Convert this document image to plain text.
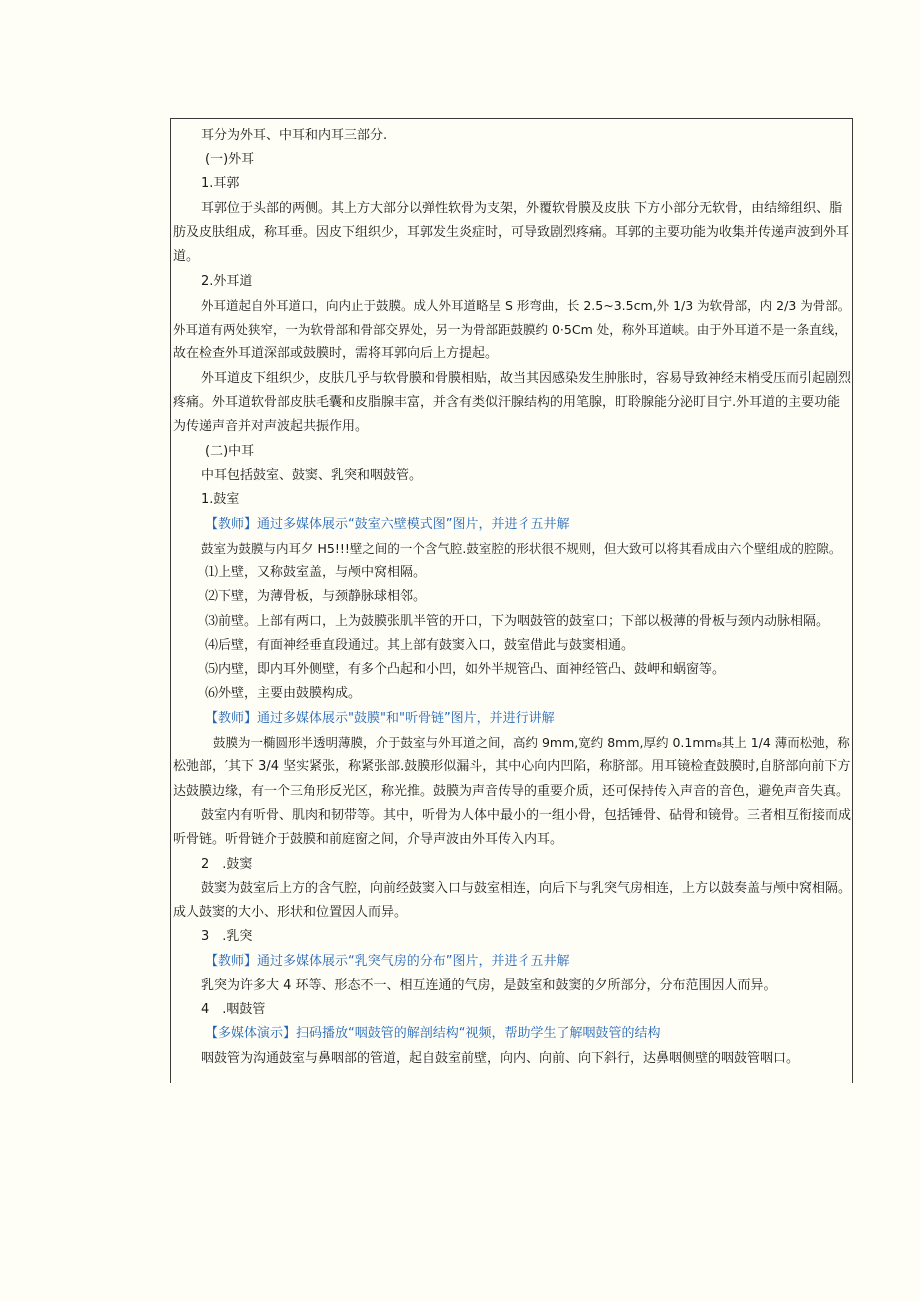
耳分为外耳、中耳和内耳三部分.
(一)外耳
1.耳郭
耳郭位于头部的两侧。其上方大部分以弹性软骨为支架，外覆软骨膜及皮肤 下方小部分无软骨，由结缔组织、脂
肪及皮肤组成，称耳垂。因皮下组织少，耳郭发生炎症时，可导致剧烈疼痛。耳郭的主要功能为收集并传递声波到外耳
道。
2.外耳道
外耳道起自外耳道口，向内止于鼓膜。成人外耳道略呈 S 形弯曲，长 2.5~3.5cm,外 1/3 为软骨部，内 2/3 为骨部。
外耳道有两处狭窄，一为软骨部和骨部交界处，另一为骨部距鼓膜约 0·5Cm 处，称外耳道峡。由于外耳道不是一条直线，
故在检查外耳道深部或鼓膜时，需将耳郭向后上方提起。
外耳道皮下组织少，皮肤几乎与软骨膜和骨膜相贴，故当其因感染发生肿胀时，容易导致神经末梢受压而引起剧烈
疼痛。外耳道软骨部皮肤毛囊和皮脂腺丰富，并含有类似汗腺结构的用笔腺，盯聆腺能分泌盯目宁.外耳道的主要功能
为传递声音并对声波起共振作用。
(二)中耳
中耳包括鼓室、鼓窦、乳突和咽鼓管。
1.鼓室
【教师】通过多媒体展示“鼓室六壁模式图”图片，并进彳五井解
鼓室为鼓膜与内耳夕 H5!!!壁之间的一个含气腔.鼓室腔的形状很不规则，但大致可以将其看成由六个壁组成的腔隙。
⑴上壁，又称鼓室盖，与颅中窝相隔。
⑵下壁，为薄骨板，与颈静脉球相邻。
⑶前壁。上部有两口，上为鼓膜张肌半管的开口，下为咽鼓管的鼓室口；下部以极薄的骨板与颈内动脉相隔。
⑷后壁，有面神经垂直段通过。其上部有鼓窦入口，鼓室借此与鼓窦相通。
⑸内壁，即内耳外侧壁，有多个凸起和小凹，如外半规管凸、面神经管凸、鼓岬和蜗窗等。
⑹外壁，主要由鼓膜构成。
【教师】通过多媒体展示"鼓膜"和"听骨链”图片，并进行讲解
鼓膜为一椭圆形半透明薄膜，介于鼓室与外耳道之间，高约 9mm,宽约 8mm,厚约 0.1mm₈其上 1/4 薄而松弛，称
松弛部，′其下 3/4 坚实紧张，称紧张部.鼓膜形似漏斗，其中心向内凹陷，称脐部。用耳镜检査鼓膜时,自脐部向前下方
达鼓膜边缘，有一个三角形反光区，称光推。鼓膜为声音传导的重要介质，还可保持传入声音的音色，避免声音失真。
鼓室内有听骨、肌肉和韧带等。其中，听骨为人体中最小的一组小骨，包括锤骨、砧骨和镜骨。三者相互衔接而成
听骨链。听骨链介于鼓膜和前庭窗之间，介导声波由外耳传入内耳。
2　.鼓窦
鼓窦为鼓室后上方的含气腔，向前经鼓窦入口与鼓室相连，向后下与乳突气房相连，上方以鼓奏盖与颅中窝相隔。
成人鼓窦的大小、形状和位置因人而异。
3　.乳突
【教师】通过多媒体展示“乳突气房的分布”图片，并进彳五井解
乳突为许多大 4 环等、形态不一、相互连通的气房，是鼓室和鼓窦的夕所部分，分布范围因人而异。
4　.咽鼓管
【多媒体演示】扫码播放“咽鼓管的解剖结构“视频，帮助学生了解咽鼓管的结构
咽鼓管为沟通鼓室与鼻咽部的管道，起自鼓室前壁，向内、向前、向下斜行，达鼻咽侧壁的咽鼓管咽口。
